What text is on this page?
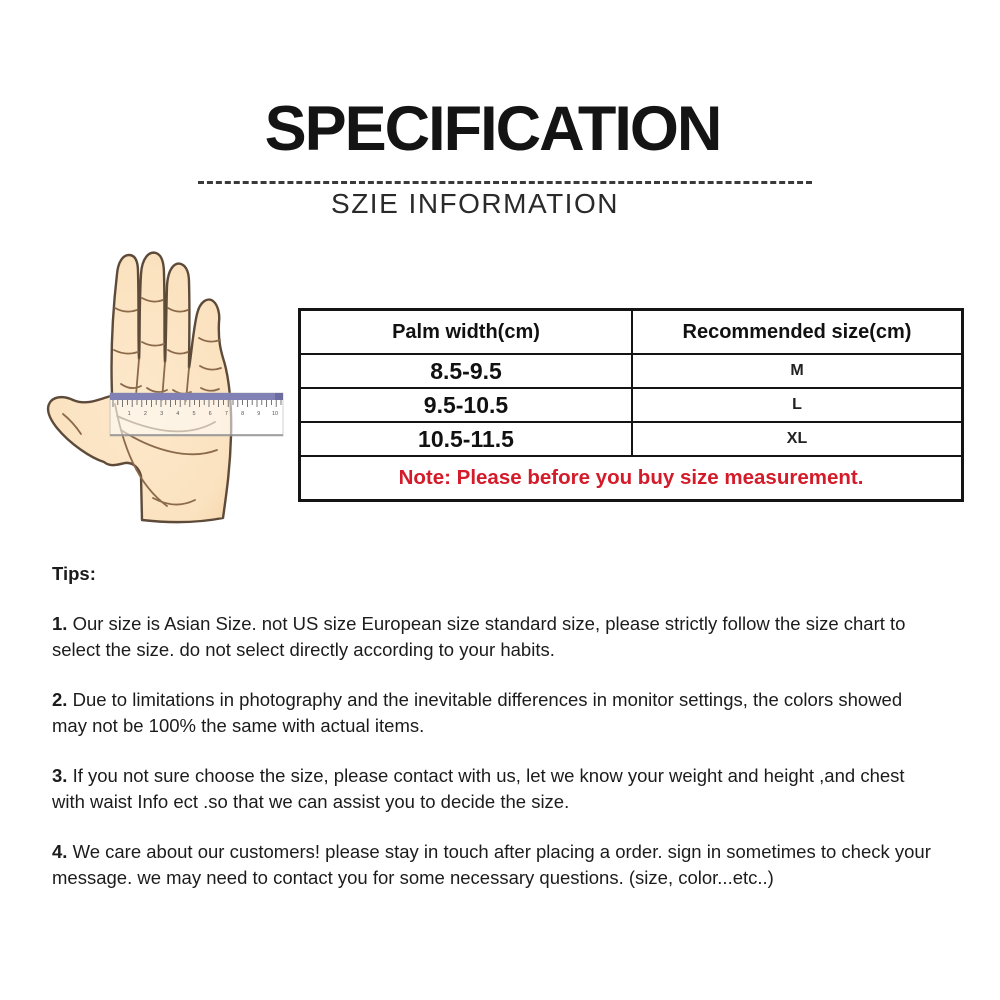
SPECIFICATION
SZIE INFORMATION
1 2 3 4 5 6 7 8 9 10
Palm width(cm)	Recommended size(cm)
8.5-9.5	M
9.5-10.5	L
10.5-11.5	XL
Note: Please before you buy size measurement.

Tips:

1. Our size is Asian Size. not US size European size standard size, please strictly follow the size chart to select the size. do not select directly according to your habits.

2. Due to limitations in photography and the inevitable differences in monitor settings, the colors showed may not be 100% the same with actual items.

3. If you not sure choose the size, please contact with us, let we know your weight and height ,and chest with waist Info ect .so that we can assist you to decide the size.

4. We care about our customers! please stay in touch after placing a order. sign in sometimes to check your message. we may need to contact you for some necessary questions. (size, color...etc..)
